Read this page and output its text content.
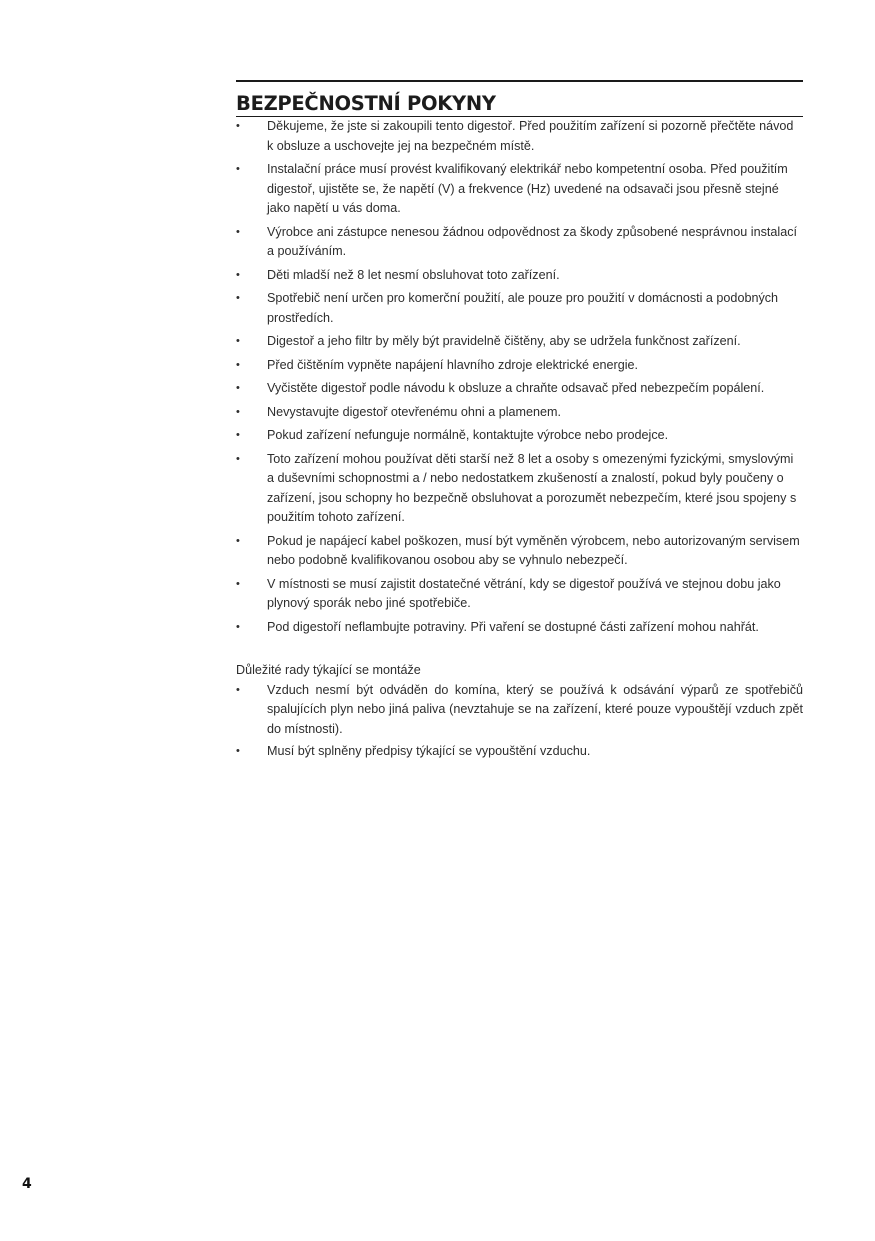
BEZPEČNOSTNÍ POKYNY
• Děkujeme, že jste si zakoupili tento digestoř. Před použitím zařízení si pozorně přečtěte návod k obsluze a uschovejte jej na bezpečném místě.
• Instalační práce musí provést kvalifikovaný elektrikář nebo kompetentní osoba. Před použitím digestoř, ujistěte se, že napětí (V) a frekvence (Hz) uvedené na odsavači jsou přesně stejné jako napětí u vás doma.
• Výrobce ani zástupce nenesou žádnou odpovědnost za škody způsobené nesprávnou instalací a používáním.
• Děti mladší než 8 let nesmí obsluhovat toto zařízení.
• Spotřebič není určen pro komerční použití, ale pouze pro použití v domácnosti a podobných prostředích.
• Digestoř a jeho filtr by měly být pravidelně čištěny, aby se udržela funkčnost zařízení.
• Před čištěním vypněte napájení hlavního zdroje elektrické energie.
• Vyčistěte digestoř podle návodu k obsluze a chraňte odsavač před nebezpečím popálení.
• Nevystavujte digestoř otevřenému ohni a plamenem.
• Pokud zařízení nefunguje normálně, kontaktujte výrobce nebo prodejce.
• Toto zařízení mohou používat děti starší než 8 let a osoby s omezenými fyzickými, smyslovými a duševními schopnostmi a / nebo nedostatkem zkušeností a znalostí, pokud byly poučeny o zařízení, jsou schopny ho bezpečně obsluhovat a porozumět nebezpečím, které jsou spojeny s použitím tohoto zařízení.
• Pokud je napájecí kabel poškozen, musí být vyměněn výrobcem, nebo autorizovaným servisem nebo podobně kvalifikovanou osobou aby se vyhnulo nebezpečí.
• V místnosti se musí zajistit dostatečné větrání, kdy se digestoř používá ve stejnou dobu jako plynový sporák nebo jiné spotřebiče.
• Pod digestoří neflambujte potraviny. Při vaření se dostupné části zařízení mohou nahřát.
Důležité rady týkající se montáže
• Vzduch nesmí být odváděn do komína, který se používá k odsávání výparů ze spotřebičů spalujících plyn nebo jiná paliva (nevztahuje se na zařízení, které pouze vypouštějí vzduch zpět do místnosti).
• Musí být splněny předpisy týkající se vypouštění vzduchu.
4
